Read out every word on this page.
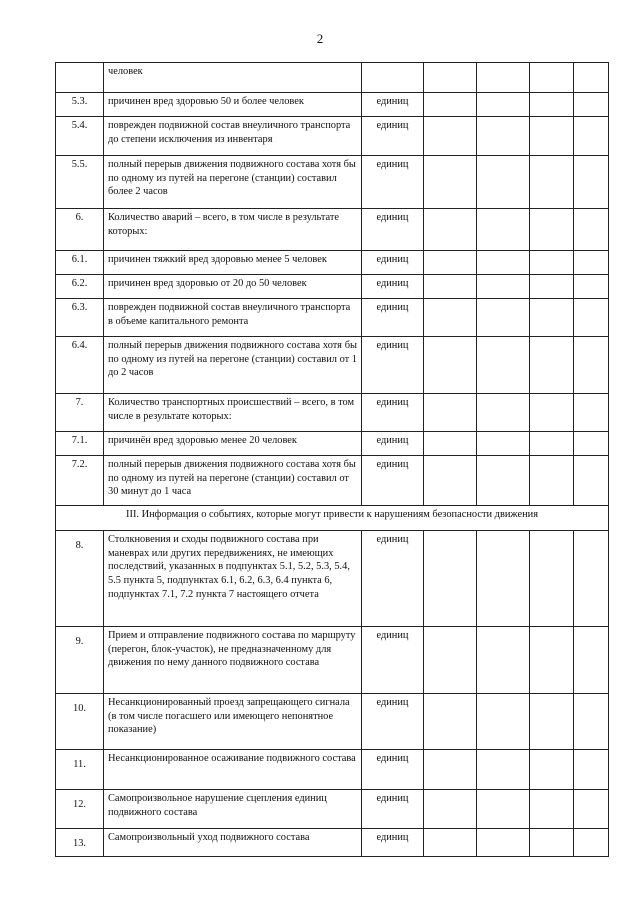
2
	человек					
5.3.	причинен вред здоровью 50 и более человек	единиц				
5.4.	поврежден подвижной состав внеуличного транспорта до степени исключения из инвентаря	единиц				
5.5.	полный перерыв движения подвижного состава хотя бы по одному из путей на перегоне (станции) составил более 2 часов	единиц				
6.	Количество аварий – всего, в том числе в результате которых:	единиц				
6.1.	причинен тяжкий вред здоровью менее 5 человек	единиц				
6.2.	причинен вред здоровью от 20 до 50 человек	единиц				
6.3.	поврежден подвижной состав внеуличного транспорта в объеме капитального ремонта	единиц				
6.4.	полный перерыв движения подвижного состава хотя бы по одному из путей на перегоне (станции) составил от 1 до 2 часов	единиц				
7.	Количество транспортных происшествий – всего, в том числе в результате которых:	единиц				
7.1.	причинён вред здоровью менее 20 человек	единиц				
7.2.	полный перерыв движения подвижного состава хотя бы по одному из путей на перегоне (станции) составил от 30 минут до 1 часа	единиц				
III. Информация о событиях, которые могут привести к нарушениям безопасности движения						
8.	Столкновения и сходы подвижного состава при маневрах или других передвижениях, не имеющих последствий, указанных в подпунктах 5.1, 5.2, 5.3, 5.4, 5.5 пункта 5, подпунктах 6.1, 6.2, 6.3, 6.4 пункта 6, подпунктах 7.1, 7.2 пункта 7 настоящего отчета	единиц				
9.	Прием и отправление подвижного состава по маршруту (перегон, блок-участок), не предназначенному для движения по нему данного подвижного состава	единиц				
10.	Несанкционированный проезд запрещающего сигнала (в том числе погасшего или имеющего непонятное показание)	единиц				
11.	Несанкционированное осаживание подвижного состава	единиц				
12.	Самопроизвольное нарушение сцепления единиц подвижного состава	единиц				
13.	Самопроизвольный уход подвижного состава	единиц				
